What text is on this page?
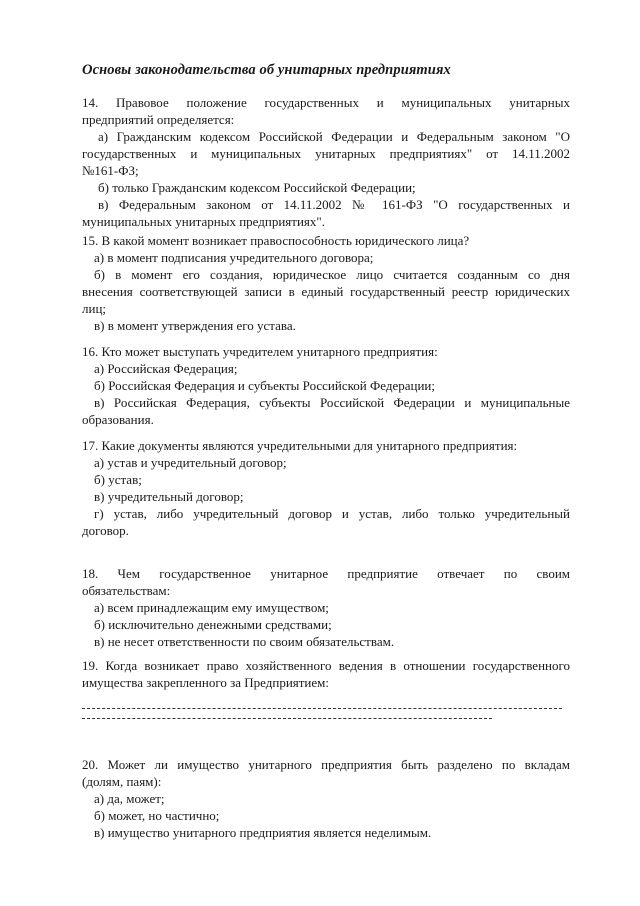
Основы законодательства об унитарных предприятиях

14. Правовое положение государственных и муниципальных унитарных

предприятий определяется:

а) Гражданским кодексом Российской Федерации и Федеральным законом "О

государственных и муниципальных унитарных предприятиях" от 14.11.2002

№161-ФЗ;

б) только Гражданским кодексом Российской Федерации;

в) Федеральным законом от 14.11.2002 № 161-ФЗ "О государственных и

муниципальных унитарных предприятиях".

15. В какой момент возникает правоспособность юридического лица?

а) в момент подписания учредительного договора;

б) в момент его создания, юридическое лицо считается созданным со дня

внесения соответствующей записи в единый государственный реестр юридических

лиц;

в) в момент утверждения его устава.

16. Кто может выступать учредителем унитарного предприятия:

а) Российская Федерация;

б) Российская Федерация и субъекты Российской Федерации;

в) Российская Федерация, субъекты Российской Федерации и муниципальные

образования.

17. Какие документы являются учредительными для унитарного предприятия:

а) устав и учредительный договор;

б) устав;

в) учредительный договор;

г) устав, либо учредительный договор и устав, либо только учредительный

договор.

18. Чем государственное унитарное предприятие отвечает по своим

обязательствам:

а) всем принадлежащим ему имуществом;

б) исключительно денежными средствами;

в) не несет ответственности по своим обязательствам.

19. Когда возникает право хозяйственного ведения в отношении государственного

имущества закрепленного за Предприятием:

20. Может ли имущество унитарного предприятия быть разделено по вкладам

(долям, паям):

а) да, может;

б) может, но частично;

в) имущество унитарного предприятия является неделимым.
